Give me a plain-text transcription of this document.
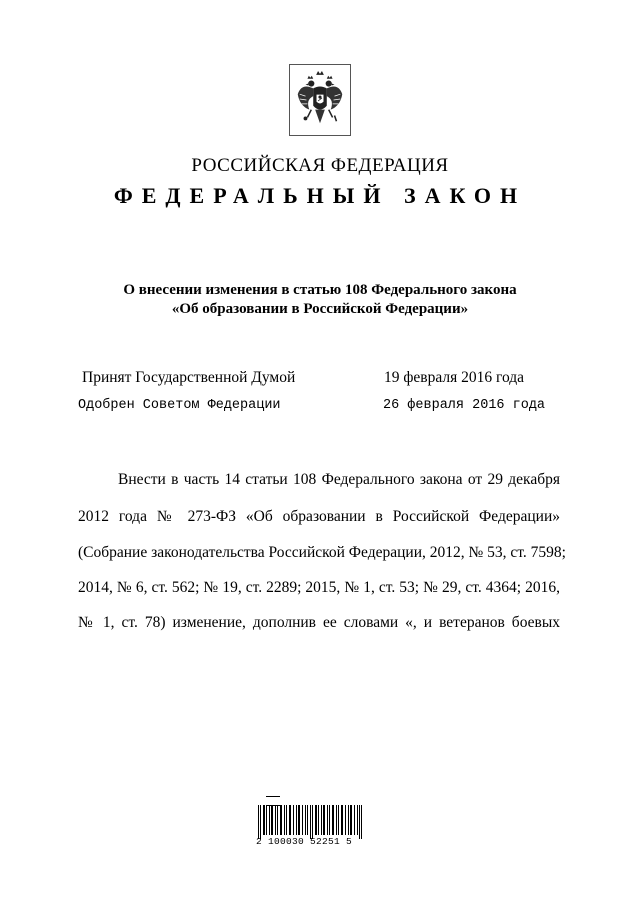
РОССИЙСКАЯ ФЕДЕРАЦИЯ
ФЕДЕРАЛЬНЫЙ ЗАКОН
О внесении изменения в статью 108 Федерального закона
«Об образовании в Российской Федерации»
Принят Государственной Думой	19 февраля 2016 года
Одобрен Советом Федерации	26 февраля 2016 года
Внести в часть 14 статьи 108 Федерального закона от 29 декабря
2012 года № 273-ФЗ «Об образовании в Российской Федерации»
(Собрание законодательства Российской Федерации, 2012, № 53, ст. 7598;
2014, № 6, ст. 562; № 19, ст. 2289; 2015, № 1, ст. 53; № 29, ст. 4364; 2016,
№ 1, ст. 78) изменение, дополнив ее словами «, и ветеранов боевых
2 100030 52251 5
